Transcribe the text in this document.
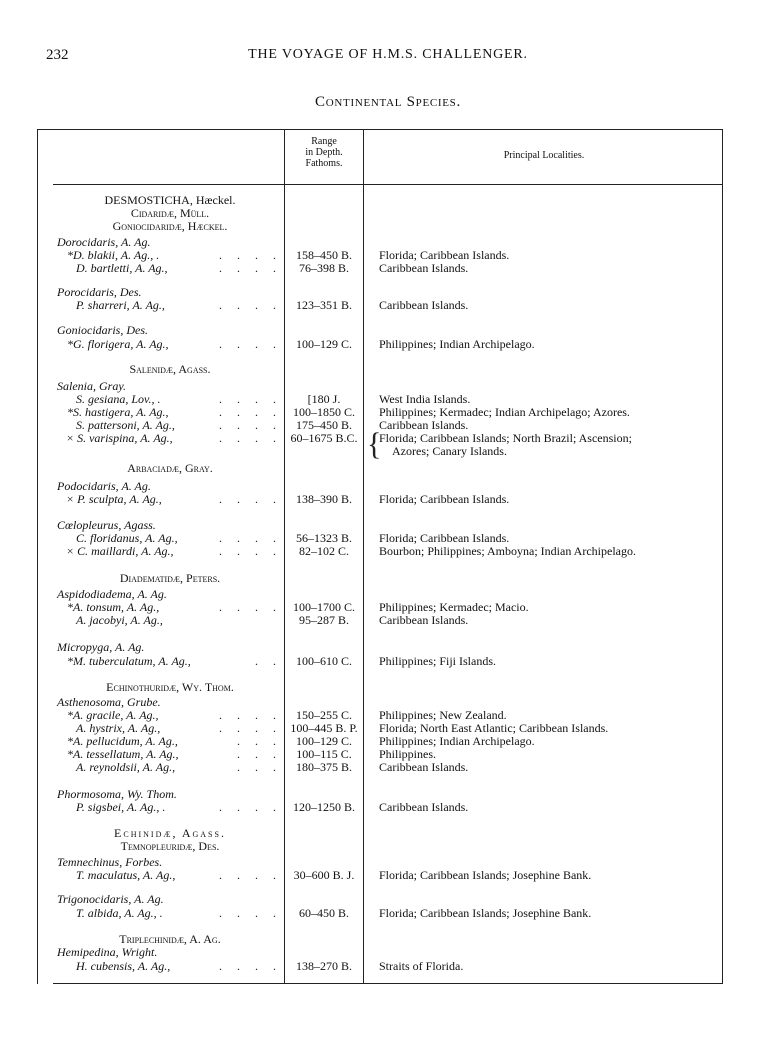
232	THE VOYAGE OF H.M.S. CHALLENGER.
Continental Species.
Range
in Depth.
Fathoms.
Principal Localities.
DESMOSTICHA, Hæckel.
Cidaridæ, Müll.
Goniocidaridæ, Hæckel.
Dorocidaris, A. Ag.
*D. blakii, A. Ag., .	. . . .	158–450 B.	Florida; Caribbean Islands.
D. bartletti, A. Ag.,	. . . .	76–398 B.	Caribbean Islands.
Porocidaris, Des.
P. sharreri, A. Ag.,	. . . .	123–351 B.	Caribbean Islands.
Goniocidaris, Des.
*G. florigera, A. Ag.,	. . . .	100–129 C.	Philippines; Indian Archipelago.
Salenidæ, Agass.
Salenia, Gray.
S. gesiana, Lov., .	. . . .	[180 J.	West India Islands.
*S. hastigera, A. Ag.,	. . . . 100–1850 C.	Philippines; Kermadec; Indian Archipelago; Azores.
S. pattersoni, A. Ag.,	. . . .	175–450 B.	Caribbean Islands.
× S. varispina, A. Ag.,	. . . . 60–1675 B.C.	Florida; Caribbean Islands; North Brazil; Ascension;
Azores; Canary Islands.
Arbaciadæ, Gray.
Podocidaris, A. Ag.
× P. sculpta, A. Ag.,	. . . .	138–390 B.	Florida; Caribbean Islands.
Cœlopleurus, Agass.
C. floridanus, A. Ag.,	. . . .	56–1323 B.	Florida; Caribbean Islands.
× C. maillardi, A. Ag.,	. . . .	82–102 C.	Bourbon; Philippines; Amboyna; Indian Archipelago.
Diadematidæ, Peters.
Aspidodiadema, A. Ag.
*A. tonsum, A. Ag.,	. . . . 100–1700 C.	Philippines; Kermadec; Macio.
A. jacobyi, A. Ag.,	95–287 B.	Caribbean Islands.
Micropyga, A. Ag.
*M. tuberculatum, A. Ag.,	. .	100–610 C.	Philippines; Fiji Islands.
Echinothuridæ, Wy. Thom.
Asthenosoma, Grube.
*A. gracile, A. Ag.,	. . . .	150–255 C.	Philippines; New Zealand.
A. hystrix, A. Ag.,	. . . . 100–445 B. P.	Florida; North East Atlantic; Caribbean Islands.
*A. pellucidum, A. Ag.,	. . .	100–129 C.	Philippines; Indian Archipelago.
*A. tessellatum, A. Ag.,	. . .	100–115 C.	Philippines.
A. reynoldsii, A. Ag.,	. . .	180–375 B.	Caribbean Islands.
Phormosoma, Wy. Thom.
P. sigsbei, A. Ag., .	. . . . 120–1250 B.	Caribbean Islands.
Echinidæ, Agass.
Temnopleuridæ, Des.
Temnechinus, Forbes.
T. maculatus, A. Ag.,	. . . . 30–600 B. J.	Florida; Caribbean Islands; Josephine Bank.
Trigonocidaris, A. Ag.
T. albida, A. Ag., .	. . . .	60–450 B.	Florida; Caribbean Islands; Josephine Bank.
Triplechinidæ, A. Ag.
Hemipedina, Wright.
H. cubensis, A. Ag.,	. . . .	138–270 B.	Straits of Florida.
{
